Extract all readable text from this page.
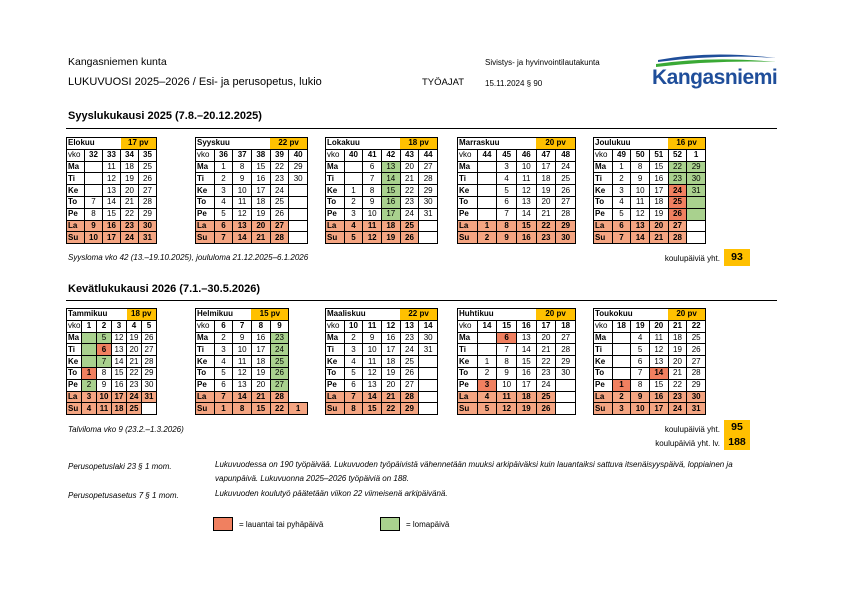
Kangasniemen kunta
LUKUVUOSI 2025–2026 / Esi- ja perusopetus, lukio	TYÖAJAT
Sivistys- ja hyvinvointilautakunta
15.11.2024 § 90	Kangasniemi
Syyslukukausi 2025 (7.8.–20.12.2025)
Elokuu			17 pv	
vko	32	33	34	35
Ma		11	18	25
Ti		12	19	26
Ke		13	20	27
To	7	14	21	28
Pe	8	15	22	29
La	9	16	23	30
Su	10	17	24	31
Syyskuu				22 pv	
vko	36	37	38	39	40
Ma	1	8	15	22	29
Ti	2	9	16	23	30
Ke	3	10	17	24	
To	4	11	18	25	
Pe	5	12	19	26	
La	6	13	20	27	
Su	7	14	21	28	
Lokakuu				18 pv	
vko	40	41	42	43	44
Ma		6	13	20	27
Ti		7	14	21	28
Ke	1	8	15	22	29
To	2	9	16	23	30
Pe	3	10	17	24	31
La	4	11	18	25	
Su	5	12	19	26	
Marraskuu				20 pv	
vko	44	45	46	47	48
Ma		3	10	17	24
Ti		4	11	18	25
Ke		5	12	19	26
To		6	13	20	27
Pe		7	14	21	28
La	1	8	15	22	29
Su	2	9	16	23	30
Joulukuu				16 pv	
vko	49	50	51	52	1
Ma	1	8	15	22	29
Ti	2	9	16	23	30
Ke	3	10	17	24	31
To	4	11	18	25	
Pe	5	12	19	26	
La	6	13	20	27	
Su	7	14	21	28	
Syysloma vko 42 (13.–19.10.2025), joululoma 21.12.2025–6.1.2026	koulupäiviä yht.	93
Kevätlukukausi 2026 (7.1.–30.5.2026)
Tammikuu				18 pv	
vko	1	2	3	4	5
Ma		5	12	19	26
Ti		6	13	20	27
Ke		7	14	21	28
To	1	8	15	22	29
Pe	2	9	16	23	30
La	3	10	17	24	31
Su	4	11	18	25	
Helmikuu			15 pv		
vko	6	7	8	9	
Ma	2	9	16	23	
Ti	3	10	17	24	
Ke	4	11	18	25	
To	5	12	19	26	
Pe	6	13	20	27	
La	7	14	21	28	
Su	1	8	15	22	1
Maaliskuu				22 pv	
vko	10	11	12	13	14
Ma	2	9	16	23	30
Ti	3	10	17	24	31
Ke	4	11	18	25	
To	5	12	19	26	
Pe	6	13	20	27	
La	7	14	21	28	
Su	8	15	22	29	
Huhtikuu				20 pv	
vko	14	15	16	17	18
Ma		6	13	20	27
Ti		7	14	21	28
Ke	1	8	15	22	29
To	2	9	16	23	30
Pe	3	10	17	24	
La	4	11	18	25	
Su	5	12	19	26	
Toukokuu				20 pv	
vko	18	19	20	21	22
Ma		4	11	18	25
Ti		5	12	19	26
Ke		6	13	20	27
To		7	14	21	28
Pe	1	8	15	22	29
La	2	9	16	23	30
Su	3	10	17	24	31
Talviloma vko 9 (23.2.–1.3.2026)	koulupäiviä yht.	95
koulupäiviä yht. lv. 188
Perusopetuslaki 23 § 1 mom.	Lukuvuodessa on 190 työpäivää. Lukuvuoden työpäivistä vähennetään muuksi arkipäiväksi kuin lauantaiksi sattuva itsenäisyyspäivä, loppiainen ja vapunpäivä. Lukuvuonna 2025–2026 työpäiviä on 188.
Perusopetusasetus 7 § 1 mom.	Lukuvuoden koulutyö päätetään viikon 22 viimeisenä arkipäivänä.
= lauantai tai pyhäpäivä	= lomapäivä
